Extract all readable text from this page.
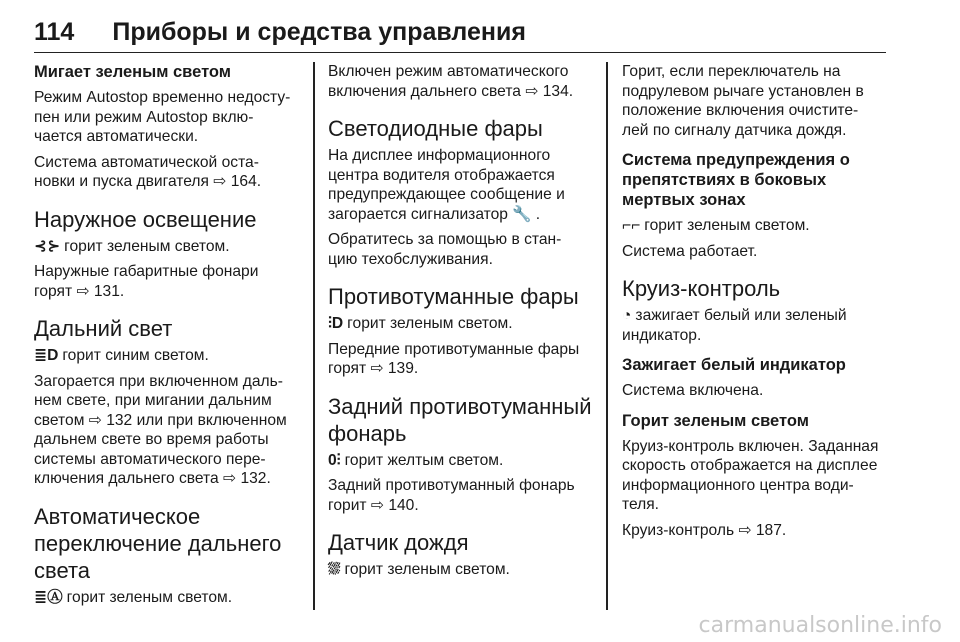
114 Приборы и средства управления
Мигает зеленым светом

Режим Autostop временно недосту-
пен или режим Autostop вклю-
чается автоматически.

Система автоматической оста-
новки и пуска двигателя ⇨ 164.

Наружное освещение

⊰⊱ горит зеленым светом.

Наружные габаритные фонари
горят ⇨ 131.

Дальний свет

≣D горит синим светом.

Загорается при включенном даль-
нем свете, при мигании дальним
светом ⇨ 132 или при включенном
дальнем свете во время работы
системы автоматического пере-
ключения дальнего света ⇨ 132.

Автоматическое
переключение дальнего
света

≣Ⓐ горит зеленым светом.

Включен режим автоматического
включения дальнего света ⇨ 134.

Светодиодные фары

На дисплее информационного
центра водителя отображается
предупреждающее сообщение и
загорается сигнализатор 🔧 .

Обратитесь за помощью в стан-
цию техобслуживания.

Противотуманные фары

⫶D горит зеленым светом.

Передние противотуманные фары
горят ⇨ 139.

Задний противотуманный
фонарь

0⫶ горит желтым светом.

Задний противотуманный фонарь
горит ⇨ 140.

Датчик дождя

⛆ горит зеленым светом.

Горит, если переключатель на
подрулевом рычаге установлен в
положение включения очистите-
лей по сигналу датчика дождя.

Система предупреждения о
препятствиях в боковых
мертвых зонах

⌐⌐ горит зеленым светом.

Система работает.

Круиз-контроль

◔ зажигает белый или зеленый
индикатор.

Зажигает белый индикатор

Система включена.

Горит зеленым светом

Круиз-контроль включен. Заданная
скорость отображается на дисплее
информационного центра води-
теля.

Круиз-контроль ⇨ 187.

carmanualsonline.info
